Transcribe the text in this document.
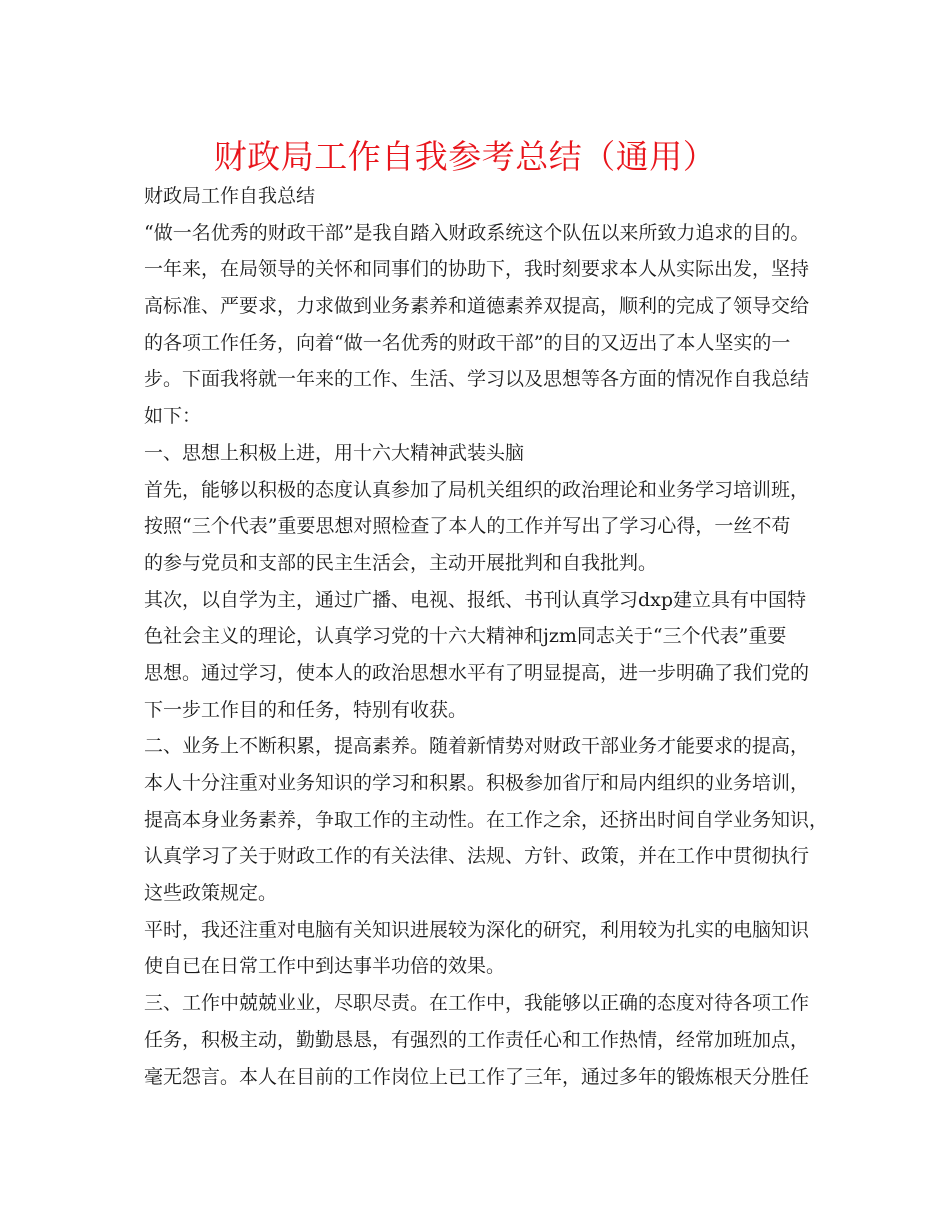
财政局工作自我参考总结（通用）
财政局工作自我总结
“做一名优秀的财政干部”是我自踏入财政系统这个队伍以来所致力追求的目的。
一年来，在局领导的关怀和同事们的协助下，我时刻要求本人从实际出发，坚持
高标准、严要求，力求做到业务素养和道德素养双提高，顺利的完成了领导交给
的各项工作任务，向着“做一名优秀的财政干部”的目的又迈出了本人坚实的一
步。下面我将就一年来的工作、生活、学习以及思想等各方面的情况作自我总结
如下：
一、思想上积极上进，用十六大精神武装头脑
首先，能够以积极的态度认真参加了局机关组织的政治理论和业务学习培训班，
按照“三个代表”重要思想对照检查了本人的工作并写出了学习心得，一丝不苟
的参与党员和支部的民主生活会，主动开展批判和自我批判。
其次，以自学为主，通过广播、电视、报纸、书刊认真学习dxp建立具有中国特
色社会主义的理论，认真学习党的十六大精神和jzm同志关于“三个代表”重要
思想。通过学习，使本人的政治思想水平有了明显提高，进一步明确了我们党的
下一步工作目的和任务，特别有收获。
二、业务上不断积累，提高素养。随着新情势对财政干部业务才能要求的提高，
本人十分注重对业务知识的学习和积累。积极参加省厅和局内组织的业务培训，
提高本身业务素养，争取工作的主动性。在工作之余，还挤出时间自学业务知识，
认真学习了关于财政工作的有关法律、法规、方针、政策，并在工作中贯彻执行
这些政策规定。
平时，我还注重对电脑有关知识进展较为深化的研究，利用较为扎实的电脑知识
使自已在日常工作中到达事半功倍的效果。
三、工作中兢兢业业，尽职尽责。在工作中，我能够以正确的态度对待各项工作
任务，积极主动，勤勤恳恳，有强烈的工作责任心和工作热情，经常加班加点，
毫无怨言。本人在目前的工作岗位上已工作了三年，通过多年的锻炼根天分胜任
